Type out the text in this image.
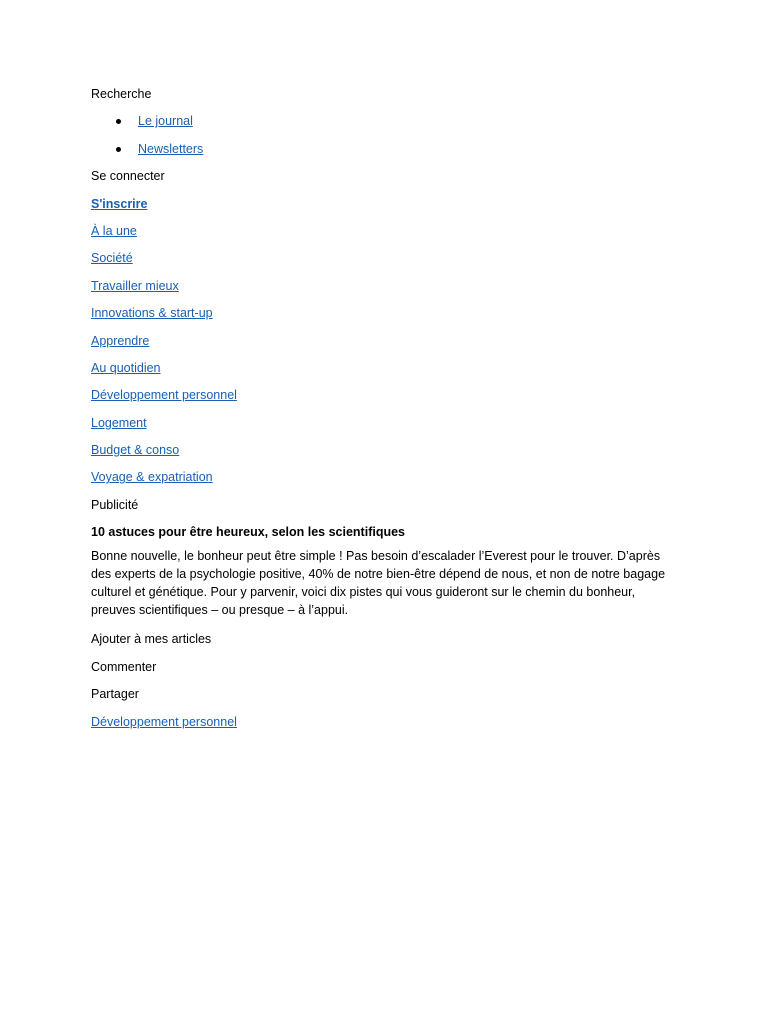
Recherche
Le journal
Newsletters
Se connecter
S'inscrire
À la une
Société
Travailler mieux
Innovations & start-up
Apprendre
Au quotidien
Développement personnel
Logement
Budget & conso
Voyage & expatriation
Publicité
10 astuces pour être heureux, selon les scientifiques

Bonne nouvelle, le bonheur peut être simple ! Pas besoin d’escalader l’Everest pour le trouver. D’après des experts de la psychologie positive, 40% de notre bien-être dépend de nous, et non de notre bagage culturel et génétique. Pour y parvenir, voici dix pistes qui vous guideront sur le chemin du bonheur, preuves scientifiques – ou presque – à l’appui.

Ajouter à mes articles
Commenter
Partager
Développement personnel
